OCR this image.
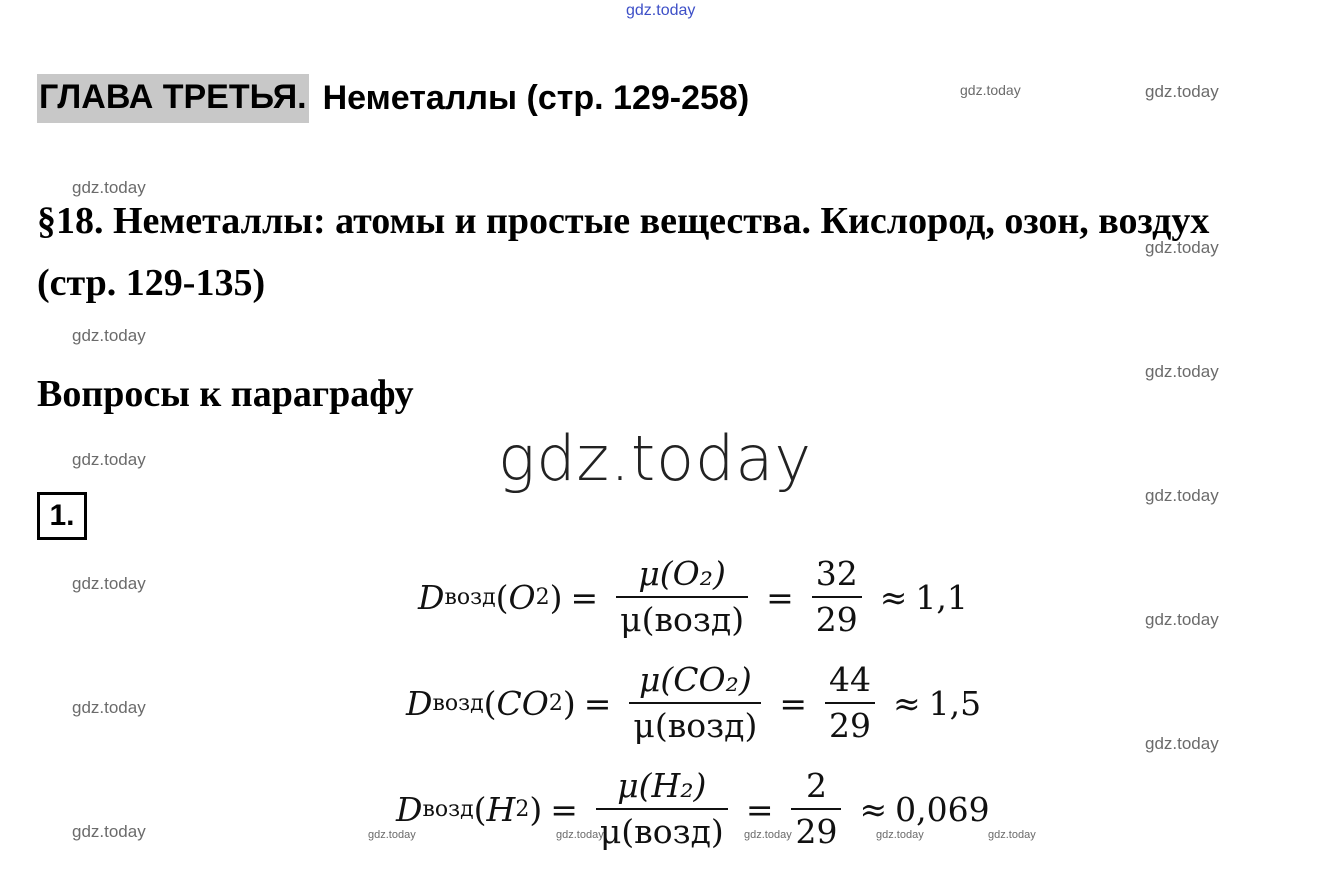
gdz.today
gdz.today	gdz.today
gdz.today
gdz.today
gdz.today
gdz.today
gdz.today
gdz.today
gdz.today
gdz.today
gdz.today
gdz.today
gdz.today	gdz.today	gdz.today	gdz.today	gdz.today	gdz.today
ГЛАВА ТРЕТЬЯ. Неметаллы (стр. 129-258)
§18. Неметаллы: атомы и простые вещества. Кислород, озон, воздух (стр. 129-135)
Вопросы к параграфу
gdz.today
1.
D возд ( O 2 ) = $\frac{\text{μ(O₂)}}{\text{μ(возд)}} = \frac{32}{29} \approx 1,1$
D возд ( CO 2 ) = $\frac{\text{μ(CO₂)}}{\text{μ(возд)}} = \frac{44}{29} \approx 1,5$
D возд ( H 2 ) = $\frac{\text{μ(H₂)}}{\text{μ(возд)}} = \frac{2}{29} \approx 0,069$
